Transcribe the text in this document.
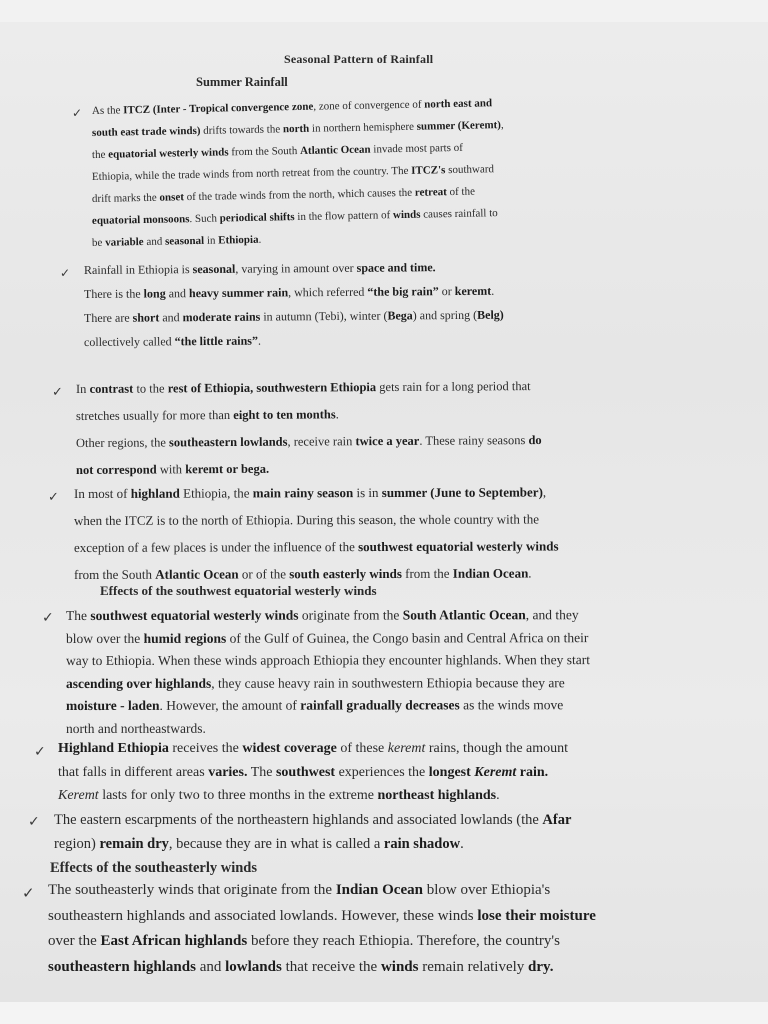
Seasonal Pattern of Rainfall
Summer Rainfall
✓ As the ITCZ (Inter - Tropical convergence zone, zone of convergence of north east and
south east trade winds) drifts towards the north in northern hemisphere summer (Keremt),
the equatorial westerly winds from the South Atlantic Ocean invade most parts of
Ethiopia, while the trade winds from north retreat from the country. The ITCZ's southward
drift marks the onset of the trade winds from the north, which causes the retreat of the
equatorial monsoons. Such periodical shifts in the flow pattern of winds causes rainfall to
be variable and seasonal in Ethiopia.
✓ Rainfall in Ethiopia is seasonal, varying in amount over space and time.
There is the long and heavy summer rain, which referred “the big rain” or keremt.
There are short and moderate rains in autumn (Tebi), winter (Bega) and spring (Belg)
collectively called “the little rains”.
✓ In contrast to the rest of Ethiopia, southwestern Ethiopia gets rain for a long period that
stretches usually for more than eight to ten months.
Other regions, the southeastern lowlands, receive rain twice a year. These rainy seasons do
not correspond with keremt or bega.
✓ In most of highland Ethiopia, the main rainy season is in summer (June to September),
when the ITCZ is to the north of Ethiopia. During this season, the whole country with the
exception of a few places is under the influence of the southwest equatorial westerly winds
from the South Atlantic Ocean or of the south easterly winds from the Indian Ocean.
Effects of the southwest equatorial westerly winds
✓ The southwest equatorial westerly winds originate from the South Atlantic Ocean, and they
blow over the humid regions of the Gulf of Guinea, the Congo basin and Central Africa on their
way to Ethiopia. When these winds approach Ethiopia they encounter highlands. When they start
ascending over highlands, they cause heavy rain in southwestern Ethiopia because they are
moisture - laden. However, the amount of rainfall gradually decreases as the winds move
north and northeastwards.
✓ Highland Ethiopia receives the widest coverage of these keremt rains, though the amount
that falls in different areas varies. The southwest experiences the longest Keremt rain.
Keremt lasts for only two to three months in the extreme northeast highlands.
✓ The eastern escarpments of the northeastern highlands and associated lowlands (the Afar
region) remain dry, because they are in what is called a rain shadow.
Effects of the southeasterly winds
✓ The southeasterly winds that originate from the Indian Ocean blow over Ethiopia's
southeastern highlands and associated lowlands. However, these winds lose their moisture
over the East African highlands before they reach Ethiopia. Therefore, the country's
southeastern highlands and lowlands that receive the winds remain relatively dry.
